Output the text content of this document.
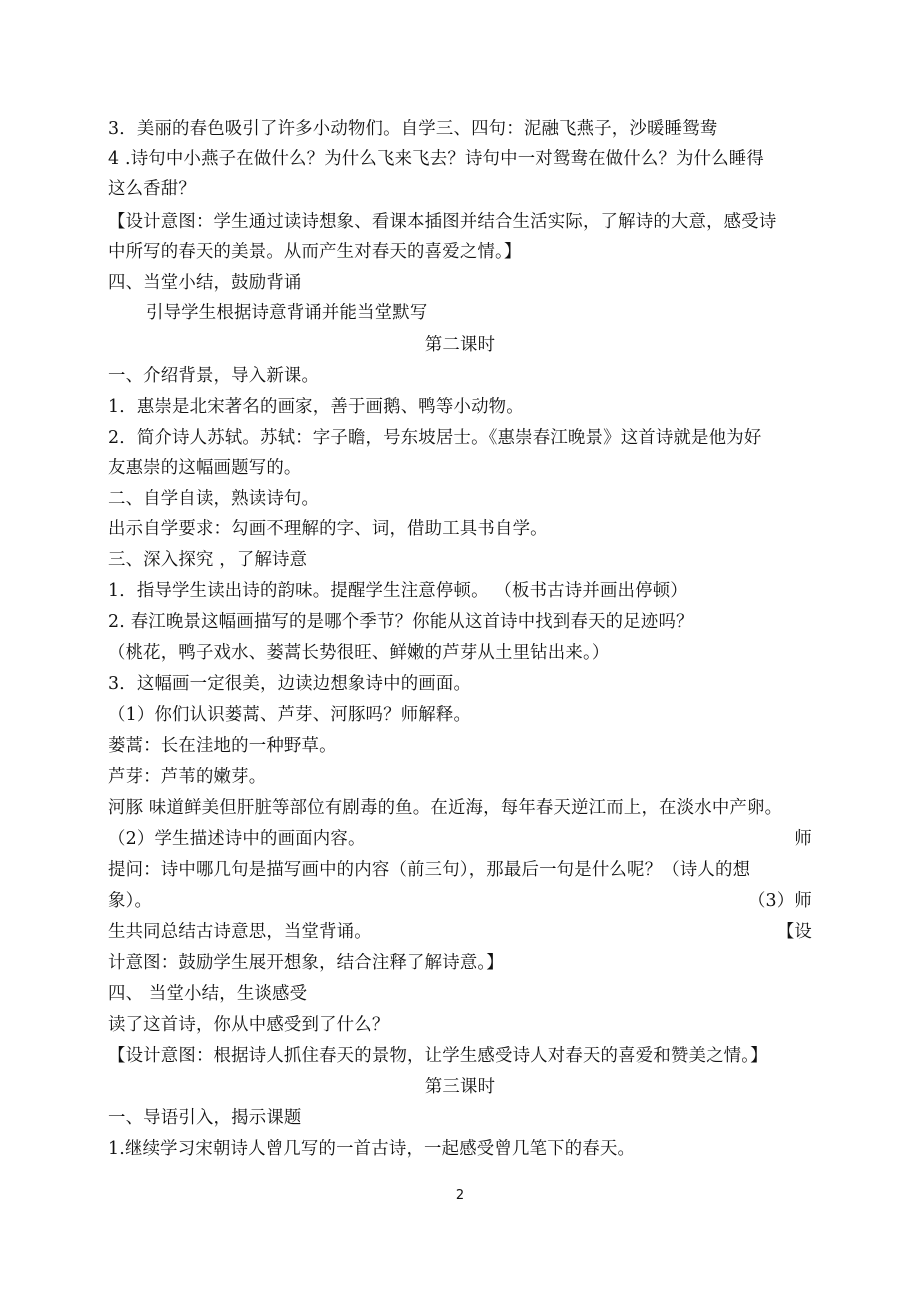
3．美丽的春色吸引了许多小动物们。自学三、四句：泥融飞燕子，沙暖睡鸳鸯
4 .诗句中小燕子在做什么？为什么飞来飞去？诗句中一对鸳鸯在做什么？为什么睡得
这么香甜？
【设计意图：学生通过读诗想象、看课本插图并结合生活实际，了解诗的大意，感受诗
中所写的春天的美景。从而产生对春天的喜爱之情。】
四、当堂小结，鼓励背诵
引导学生根据诗意背诵并能当堂默写
第二课时
一、介绍背景，导入新课。
1．惠崇是北宋著名的画家，善于画鹅、鸭等小动物。
2．简介诗人苏轼。苏轼：字子瞻，号东坡居士。《惠崇春江晚景》这首诗就是他为好
友惠崇的这幅画题写的。
二、自学自读，熟读诗句。
出示自学要求：勾画不理解的字、词，借助工具书自学。
三、深入探究 ，了解诗意
1．指导学生读出诗的韵味。提醒学生注意停顿。 （板书古诗并画出停顿）
2. 春江晚景这幅画描写的是哪个季节？你能从这首诗中找到春天的足迹吗？
（桃花，鸭子戏水、蒌蒿长势很旺、鲜嫩的芦芽从土里钻出来。）
3．这幅画一定很美，边读边想象诗中的画面。
（1）你们认识蒌蒿、芦芽、河豚吗？师解释。
蒌蒿：长在洼地的一种野草。
芦芽：芦苇的嫩芽。
河豚 味道鲜美但肝脏等部位有剧毒的鱼。在近海，每年春天逆江而上，在淡水中产卵。
（2）学生描述诗中的画面内容。	师
提问：诗中哪几句是描写画中的内容（前三句），那最后一句是什么呢？（诗人的想
象）。	（3）师
生共同总结古诗意思，当堂背诵。	【设
计意图：鼓励学生展开想象，结合注释了解诗意。】
四、 当堂小结，生谈感受
读了这首诗，你从中感受到了什么？
【设计意图：根据诗人抓住春天的景物，让学生感受诗人对春天的喜爱和赞美之情。】
第三课时
一、导语引入，揭示课题
1.继续学习宋朝诗人曾几写的一首古诗，一起感受曾几笔下的春天。
2
